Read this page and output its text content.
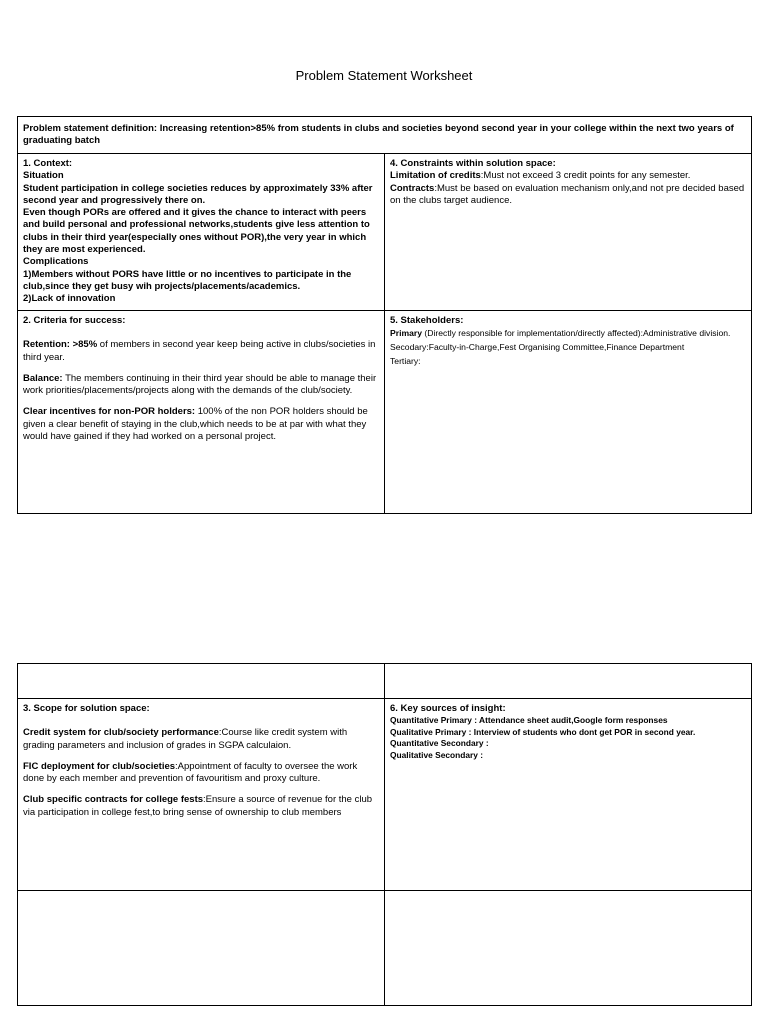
Problem Statement Worksheet
Problem statement definition: Increasing retention>85% from students in clubs and societies beyond second year in your college within the next two years of graduating batch
1. Context:
Situation
Student participation in college societies reduces by approximately 33% after second year and progressively there on.
Even though PORs are offered and it gives the chance to interact with peers and build personal and professional networks,students give less attention to clubs in their third year(especially ones without POR),the very year in which they are most experienced.
Complications
1)Members without PORS have little or no incentives to participate in the club,since they get busy wih projects/placements/academics.
2)Lack of innovation
4. Constraints within solution space:
Limitation of credits:Must not exceed 3 credit points for any semester.
Contracts:Must be based on evaluation mechanism only,and not pre decided based on the clubs target audience.

2. Criteria for success:

Retention: >85% of members in second year keep being active in clubs/societies in third year.

Balance: The members continuing in their third year should be able to manage their work priorities/placements/projects along with the demands of the club/society.

Clear incentives for non-POR holders: 100% of the non POR holders should be given a clear benefit of staying in the club,which needs to be at par with what they would have gained if they had worked on a personal project.

5. Stakeholders:
Primary (Directly responsible for implementation/directly affected):Administrative division.
Secodary:Faculty-in-Charge,Fest Organising Committee,Finance Department
Tertiary:

3. Scope for solution space:

Credit system for club/society performance:Course like credit system with grading parameters and inclusion of grades in SGPA calculaion.

FIC deployment for club/societies:Appointment of faculty to oversee the work done by each member and prevention of favouritism and proxy culture.

Club specific contracts for college fests:Ensure a source of revenue for the club via participation in college fest,to bring sense of ownership to club members

6. Key sources of insight:
Quantitative Primary : Attendance sheet audit,Google form responses
Qualitative Primary : Interview of students who dont get POR in second year.
Quantitative Secondary :
Qualitative Secondary :
